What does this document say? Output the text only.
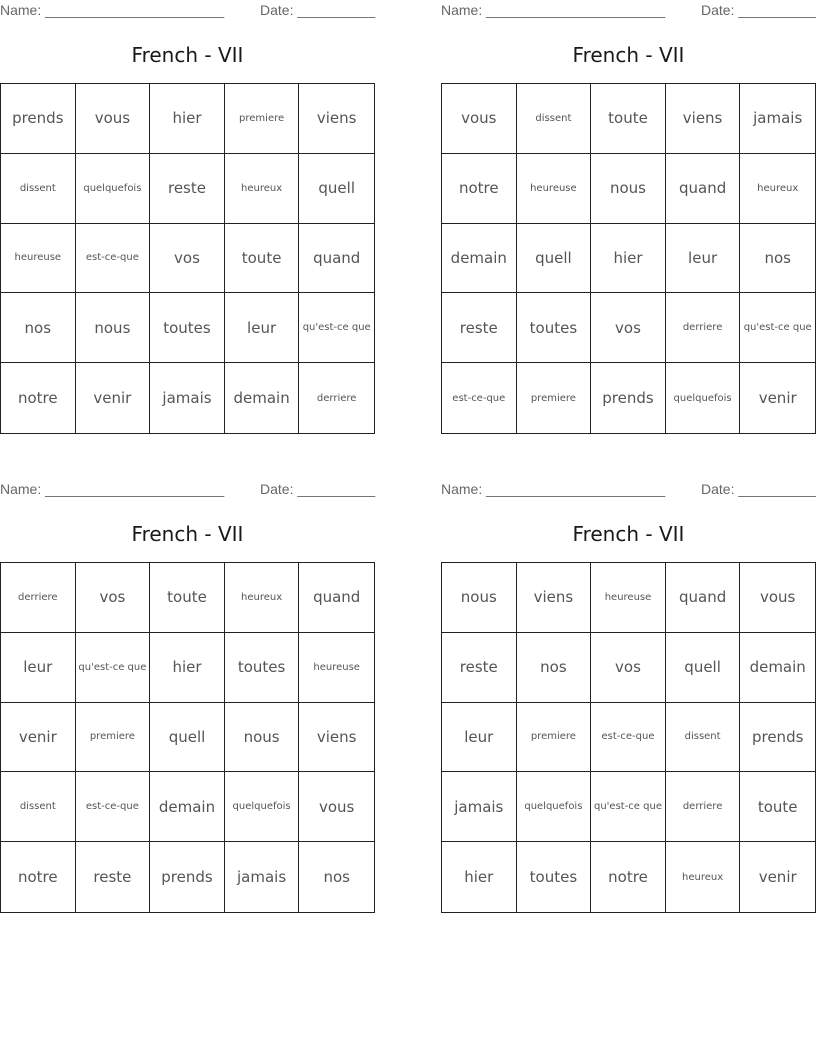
Name: _______________________	Date: __________
French - VII
prends	vous	hier	premiere	viens
dissent	quelquefois	reste	heureux	quell
heureuse	est-ce-que	vos	toute	quand
nos	nous	toutes	leur	qu'est-ce que
notre	venir	jamais	demain	derriere
Name: _______________________	Date: __________
French - VII
vous	dissent	toute	viens	jamais
notre	heureuse	nous	quand	heureux
demain	quell	hier	leur	nos
reste	toutes	vos	derriere	qu'est-ce que
est-ce-que	premiere	prends	quelquefois	venir
Name: _______________________	Date: __________
French - VII
derriere	vos	toute	heureux	quand
leur	qu'est-ce que	hier	toutes	heureuse
venir	premiere	quell	nous	viens
dissent	est-ce-que	demain	quelquefois	vous
notre	reste	prends	jamais	nos
Name: _______________________	Date: __________
French - VII
nous	viens	heureuse	quand	vous
reste	nos	vos	quell	demain
leur	premiere	est-ce-que	dissent	prends
jamais	quelquefois	qu'est-ce que	derriere	toute
hier	toutes	notre	heureux	venir
